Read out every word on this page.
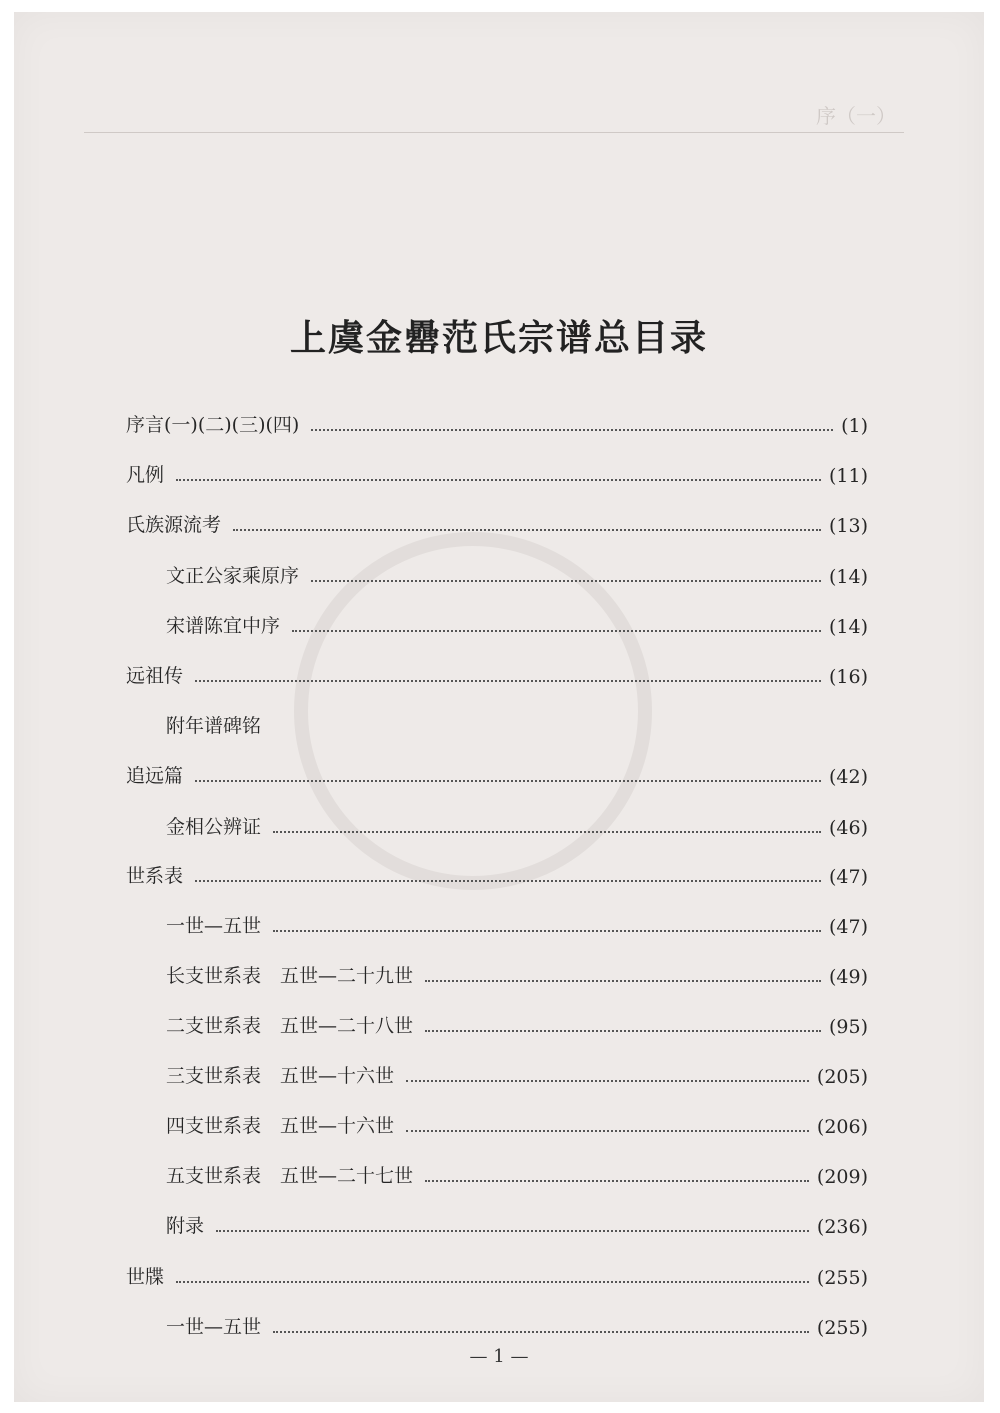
序（一）
上虞金罍范氏宗谱总目录
序言(一)(二)(三)(四)	(1)
凡例	(11)
氏族源流考	(13)
文正公家乘原序	(14)
宋谱陈宜中序	(14)
远祖传	(16)
附年谱碑铭
追远篇	(42)
金相公辨证	(46)
世系表	(47)
一世—五世	(47)
长支世系表　五世—二十九世	(49)
二支世系表　五世—二十八世	(95)
三支世系表　五世—十六世	(205)
四支世系表　五世—十六世	(206)
五支世系表　五世—二十七世	(209)
附录	(236)
世牒	(255)
一世—五世	(255)
— 1 —
